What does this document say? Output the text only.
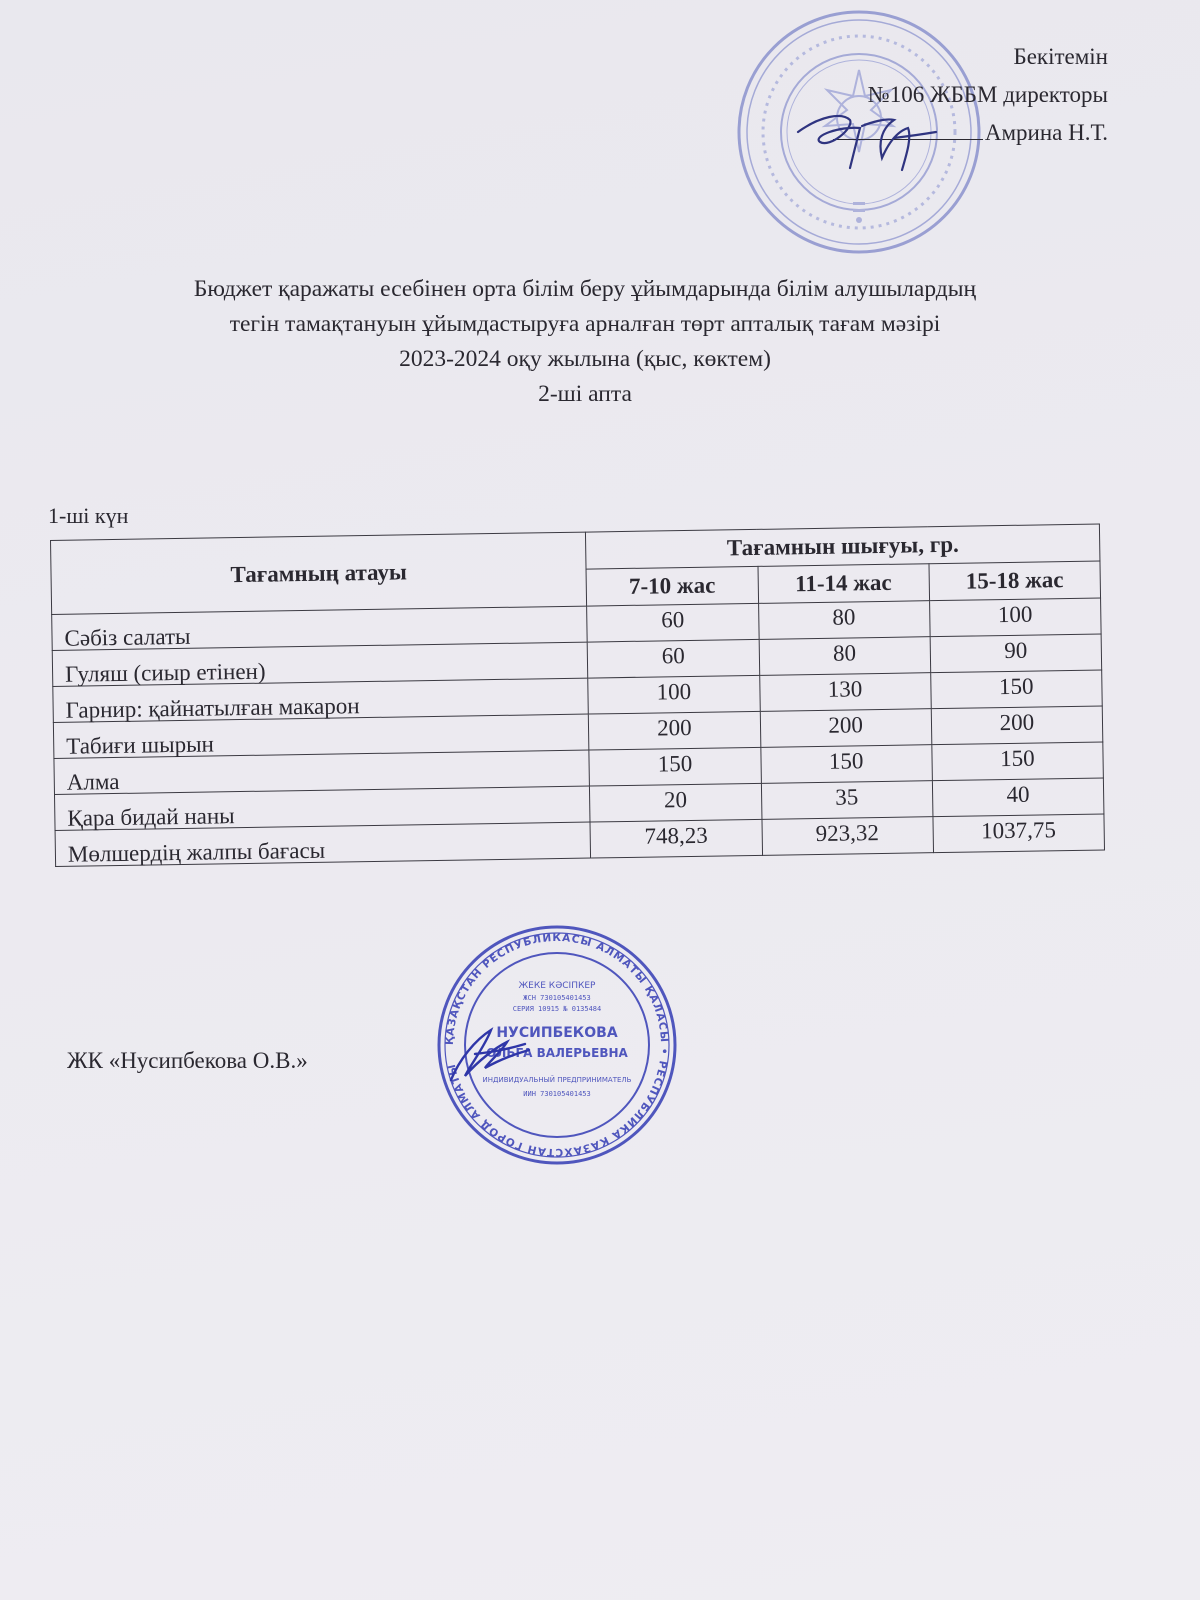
Бекітемін
№106 ЖББМ директоры
Амрина Н.Т.
Бюджет қаражаты есебінен орта білім беру ұйымдарында білім алушылардың
тегін тамақтануын ұйымдастыруға арналған төрт апталық тағам мәзірі
2023-2024 оқу жылына (қыс, көктем)
2-ші апта
1-ші күн
Тағамның атауы	Тағамнын шығуы, гр.		
	7-10 жас	11-14 жас	15-18 жас
Сәбіз салаты	60	80	100
Гуляш (сиыр етінен)	60	80	90
Гарнир: қайнатылған макарон	100	130	150
Табиғи шырын	200	200	200
Алма	150	150	150
Қара бидай наны	20	35	40
Мөлшердің жалпы бағасы	748,23	923,32	1037,75
ЖК «Нусипбекова О.В.»
ҚАЗАҚСТАН РЕСПУБЛИКАСЫ АЛМАТЫ ҚАЛАСЫ • РЕСПУБЛИКА КАЗАХСТАН ГОРОД АЛМАТЫ
ЖЕКЕ КӘСІПКЕР
ЖСН 730105401453
СЕРИЯ 10915 № 0135484
НУСИПБЕКОВА
ОЛЬГА ВАЛЕРЬЕВНА
ИНДИВИДУАЛЬНЫЙ ПРЕДПРИНИМАТЕЛЬ
ИИН 730105401453
